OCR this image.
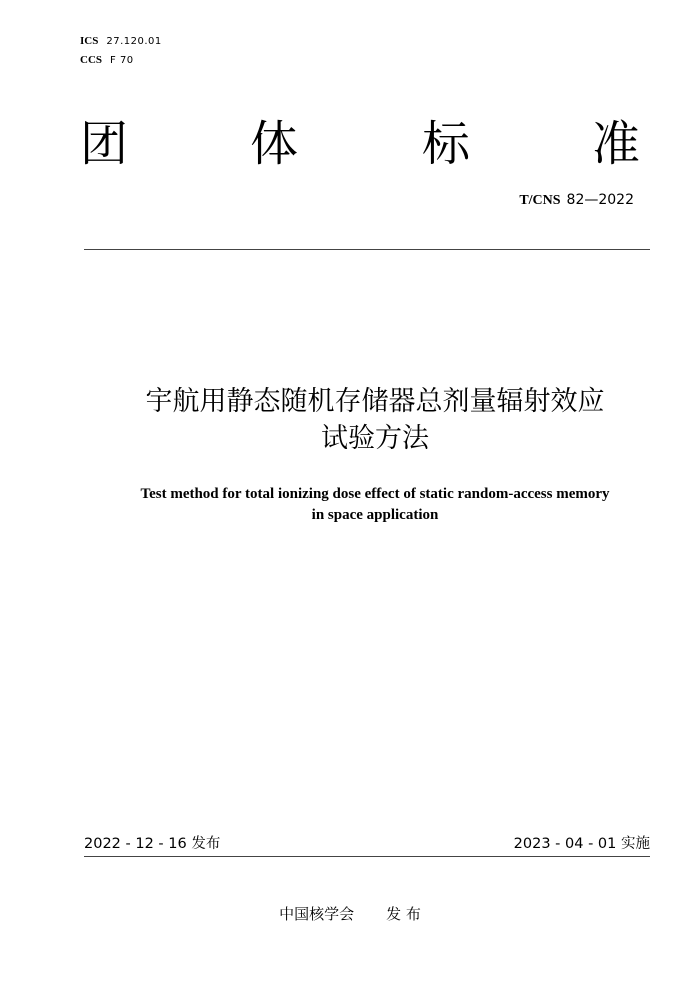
ICS 27.120.01
CCS F 70
团	体	标	准
T/CNS 82—2022
宇航用静态随机存储器总剂量辐射效应
试验方法
Test method for total ionizing dose effect of static random-access memory
in space application
2022 - 12 - 16 发布	2023 - 04 - 01 实施
中国核学会 发 布
